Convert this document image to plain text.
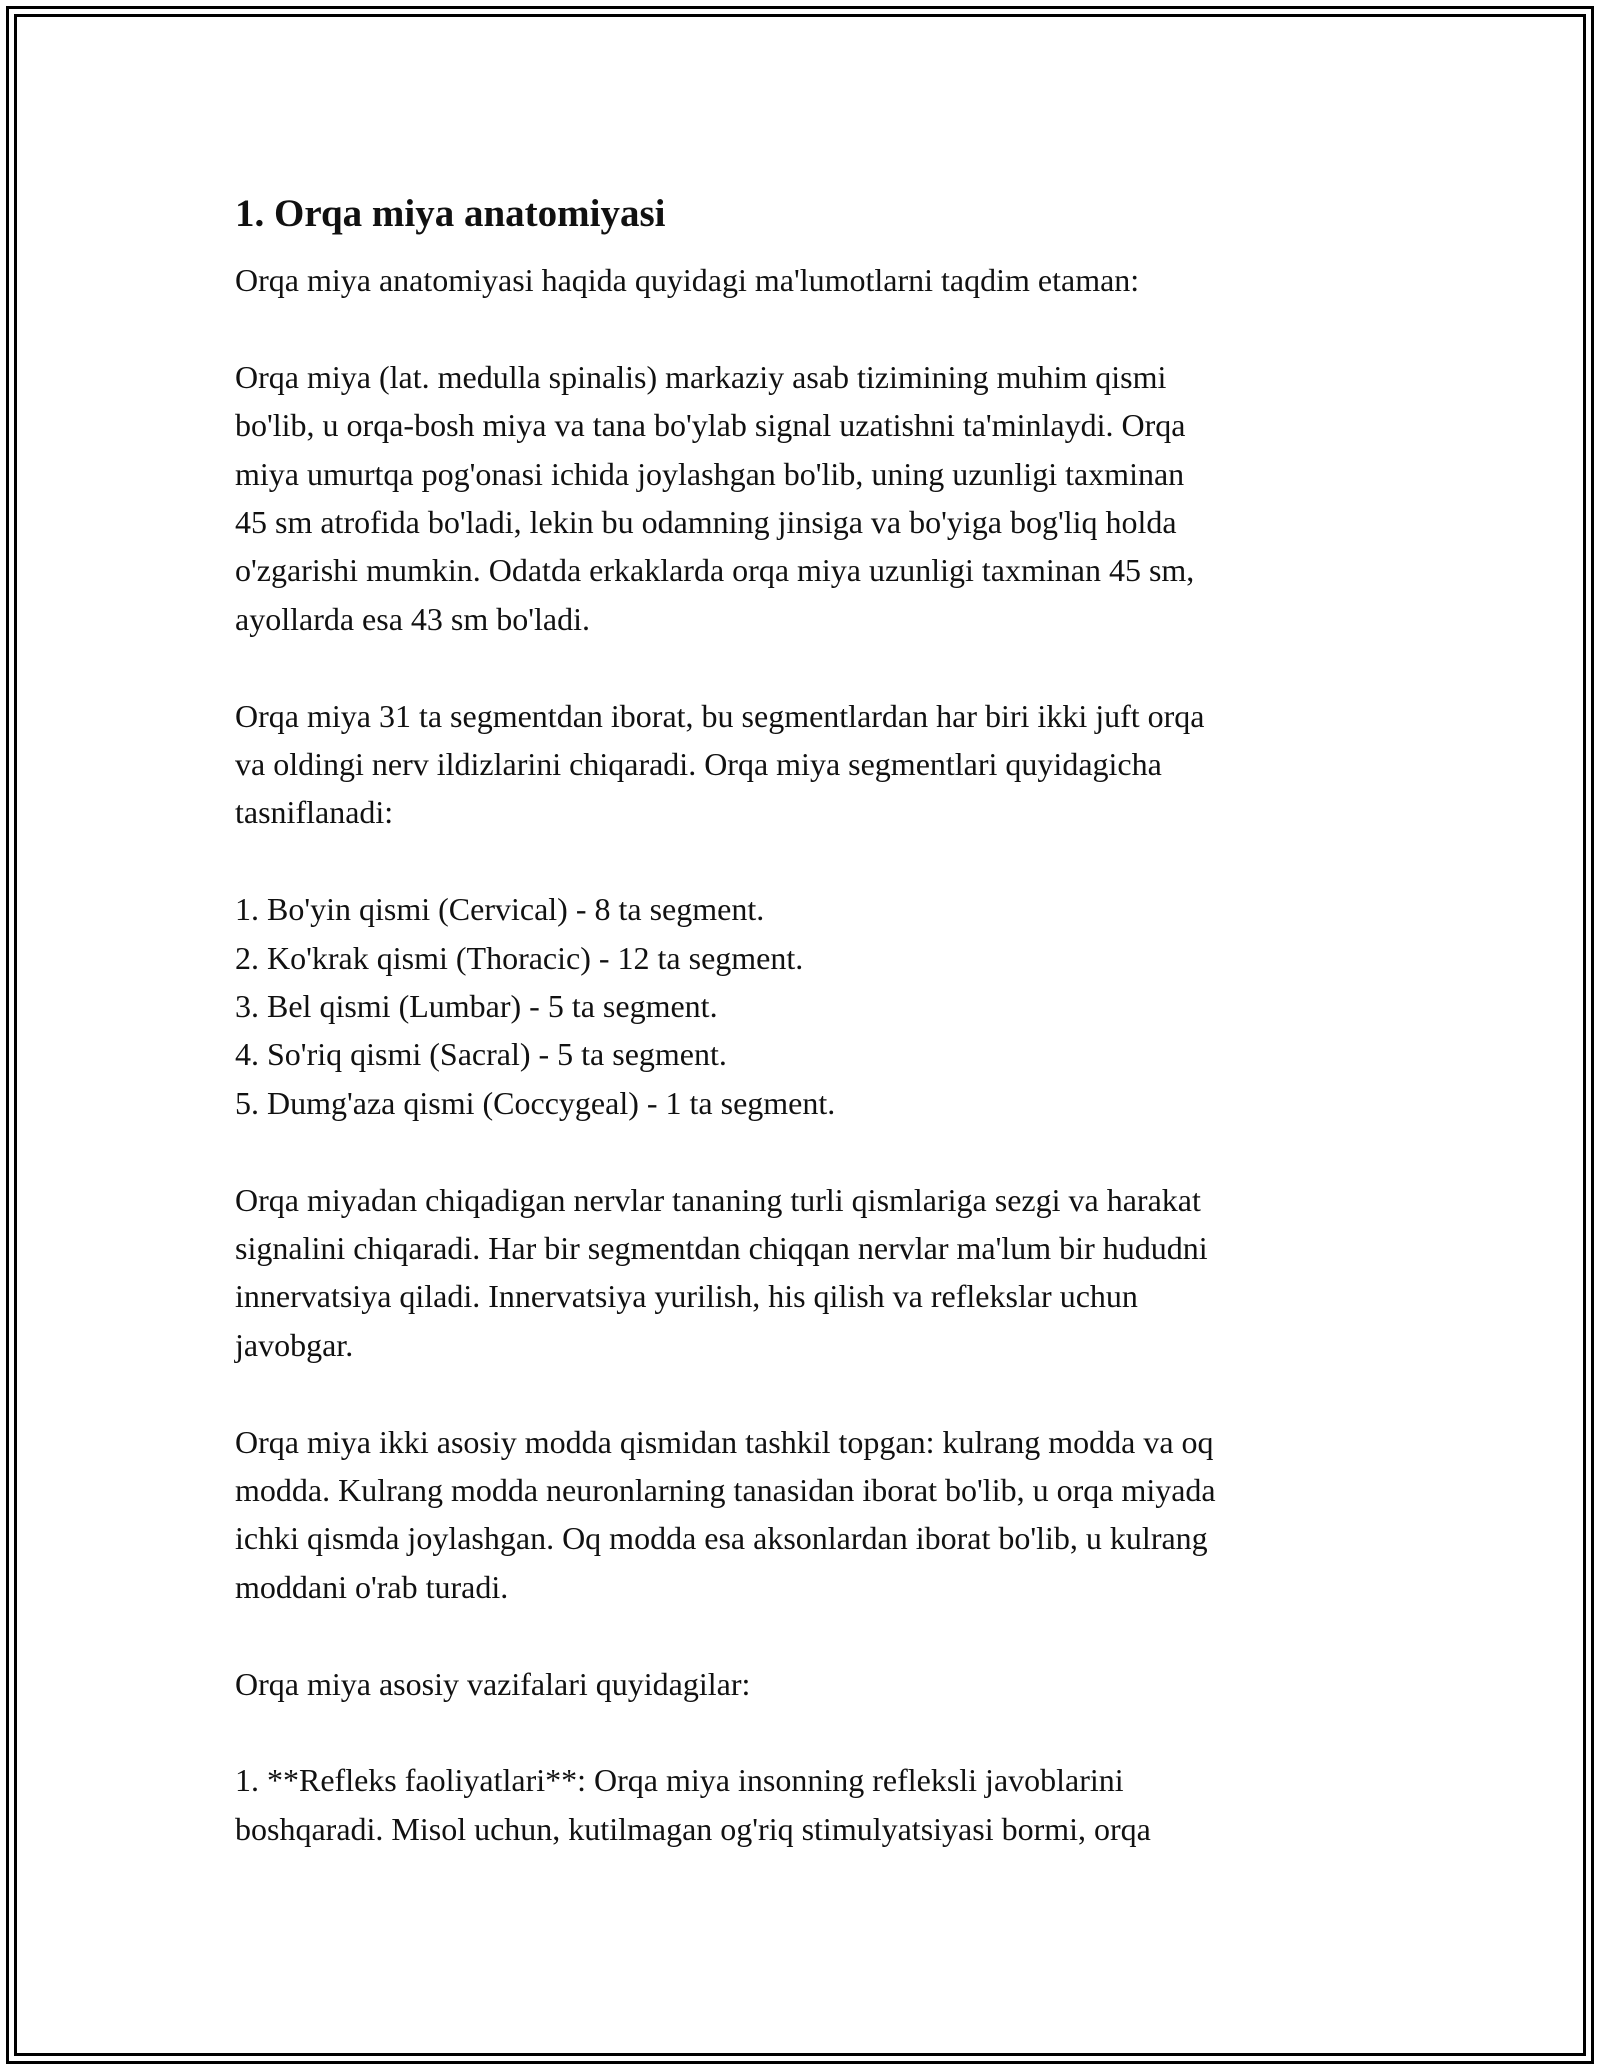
1. Orqa miya anatomiyasi

Orqa miya anatomiyasi haqida quyidagi ma'lumotlarni taqdim etaman:

Orqa miya (lat. medulla spinalis) markaziy asab tizimining muhim qismi
bo'lib, u orqa-bosh miya va tana bo'ylab signal uzatishni ta'minlaydi. Orqa
miya umurtqa pog'onasi ichida joylashgan bo'lib, uning uzunligi taxminan
45 sm atrofida bo'ladi, lekin bu odamning jinsiga va bo'yiga bog'liq holda
o'zgarishi mumkin. Odatda erkaklarda orqa miya uzunligi taxminan 45 sm,
ayollarda esa 43 sm bo'ladi.

Orqa miya 31 ta segmentdan iborat, bu segmentlardan har biri ikki juft orqa
va oldingi nerv ildizlarini chiqaradi. Orqa miya segmentlari quyidagicha
tasniflanadi:

1. Bo'yin qismi (Cervical) - 8 ta segment.
2. Ko'krak qismi (Thoracic) - 12 ta segment.
3. Bel qismi (Lumbar) - 5 ta segment.
4. So'riq qismi (Sacral) - 5 ta segment.
5. Dumg'aza qismi (Coccygeal) - 1 ta segment.

Orqa miyadan chiqadigan nervlar tananing turli qismlariga sezgi va harakat
signalini chiqaradi. Har bir segmentdan chiqqan nervlar ma'lum bir hududni
innervatsiya qiladi. Innervatsiya yurilish, his qilish va reflekslar uchun
javobgar.

Orqa miya ikki asosiy modda qismidan tashkil topgan: kulrang modda va oq
modda. Kulrang modda neuronlarning tanasidan iborat bo'lib, u orqa miyada
ichki qismda joylashgan. Oq modda esa aksonlardan iborat bo'lib, u kulrang
moddani o'rab turadi.

Orqa miya asosiy vazifalari quyidagilar:

1. **Refleks faoliyatlari**: Orqa miya insonning refleksli javoblarini
boshqaradi. Misol uchun, kutilmagan og'riq stimulyatsiyasi bormi, orqa
